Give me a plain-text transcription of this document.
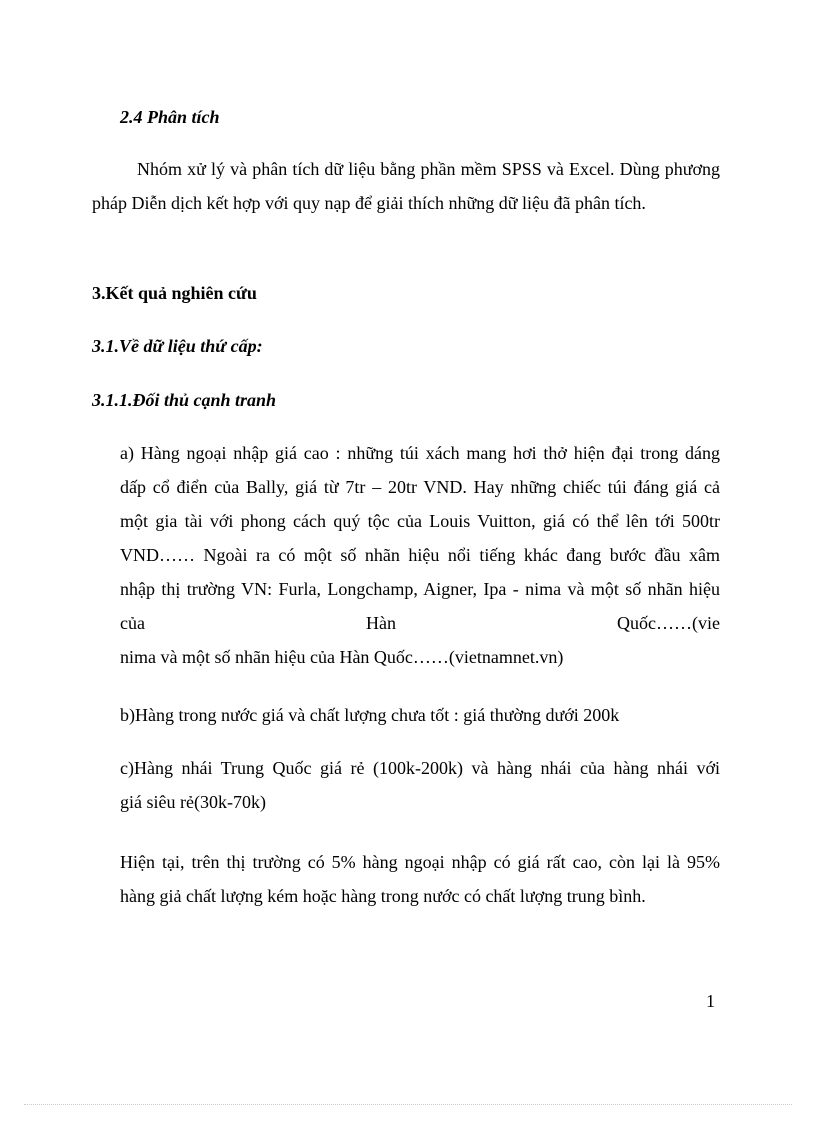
2.4 Phân tích

Nhóm xử lý và phân tích dữ liệu bằng phần mềm SPSS và Excel. Dùng phương pháp Diễn dịch kết hợp với quy nạp để giải thích những dữ liệu đã phân tích.

3.Kết quả nghiên cứu

3.1.Về dữ liệu thứ cấp:

3.1.1.Đối thủ cạnh tranh

a) Hàng ngoại nhập giá cao : những túi xách mang hơi thở hiện đại trong dáng
dấp cổ điển của Bally, giá từ 7tr – 20tr VND. Hay những chiếc túi đáng giá cả
một gia tài với phong cách quý tộc của Louis Vuitton, giá có thể lên tới 500tr
VND…… Ngoài ra có một số nhãn hiệu nổi tiếng khác đang bước đầu xâm
nhập thị trường VN: Furla, Longchamp, Aigner, Ipa - nima và một số nhãn hiệu
của                                Hàn                                Quốc……(vie
nima và một số nhãn hiệu của Hàn Quốc……(vietnamnet.vn)

b)Hàng trong nước giá và chất lượng chưa tốt : giá thường dưới 200k

c)Hàng nhái Trung Quốc giá rẻ (100k-200k) và hàng nhái của hàng nhái với
giá siêu rẻ(30k-70k)
Hiện tại, trên thị trường có 5% hàng ngoại nhập có giá rất cao, còn lại là 95%
hàng giả chất lượng kém hoặc hàng trong nước có chất lượng trung bình.
1
